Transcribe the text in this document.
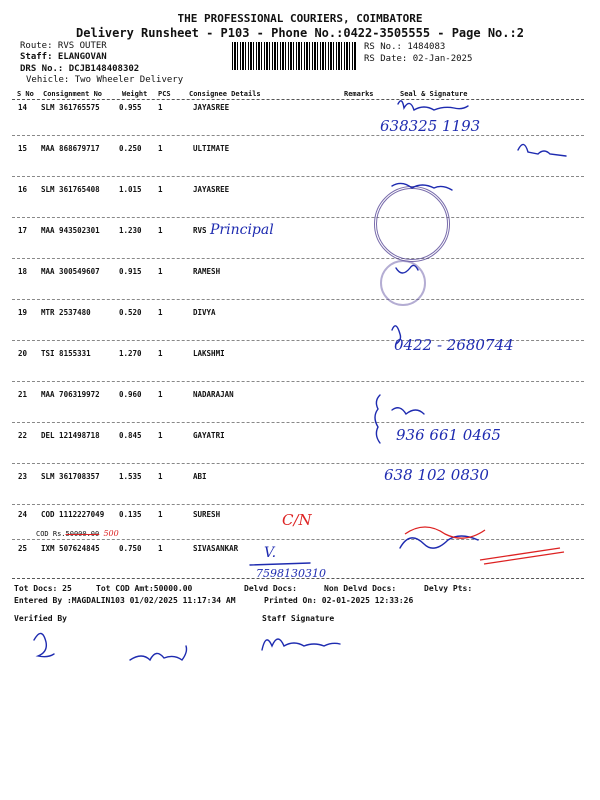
THE PROFESSIONAL COURIERS, COIMBATORE
Delivery Runsheet - P103 - Phone No.:0422-3505555 - Page No.:2
Route: RVS OUTER
Staff: ELANGOVAN
DRS No.: DCJB148408302
Vehicle: Two Wheeler Delivery
RS No.: 1484083
RS Date: 02-Jan-2025
S No Consignment No	Weight PCS	Consignee Details	Remarks	Seal & Signature
14 SLM 361765575	0.955 1	JAYASREE
15 MAA 868679717	0.250 1	ULTIMATE
16 SLM 361765408	1.015 1	JAYASREE
17 MAA 943502301	1.230 1	RVS
18 MAA 300549607	0.915 1	RAMESH
19 MTR 2537480	0.520 1	DIVYA
20 TSI 8155331	1.270 1	LAKSHMI
21 MAA 706319972	0.960 1	NADARAJAN
22 DEL 121498718	0.845 1	GAYATRI
23 SLM 361708357	1.535 1	ABI
24 COD 1112227049 0.135 1	SURESH
COD Rs.50000.00 500
25 IXM 507624845	0.750 1	SIVASANKAR
638325 1193
Principal
0422 - 2680744
936 661 0465
638 102 0830
C/N
V.
7598130310
Tot Docs: 25	Tot COD Amt:50000.00	Delvd Docs:	Non Delvd Docs:	Delvy Pts:
Entered By :MAGDALIN103 01/02/2025 11:17:34 AM	Printed On: 02-01-2025 12:33:26
Verified By	Staff Signature
